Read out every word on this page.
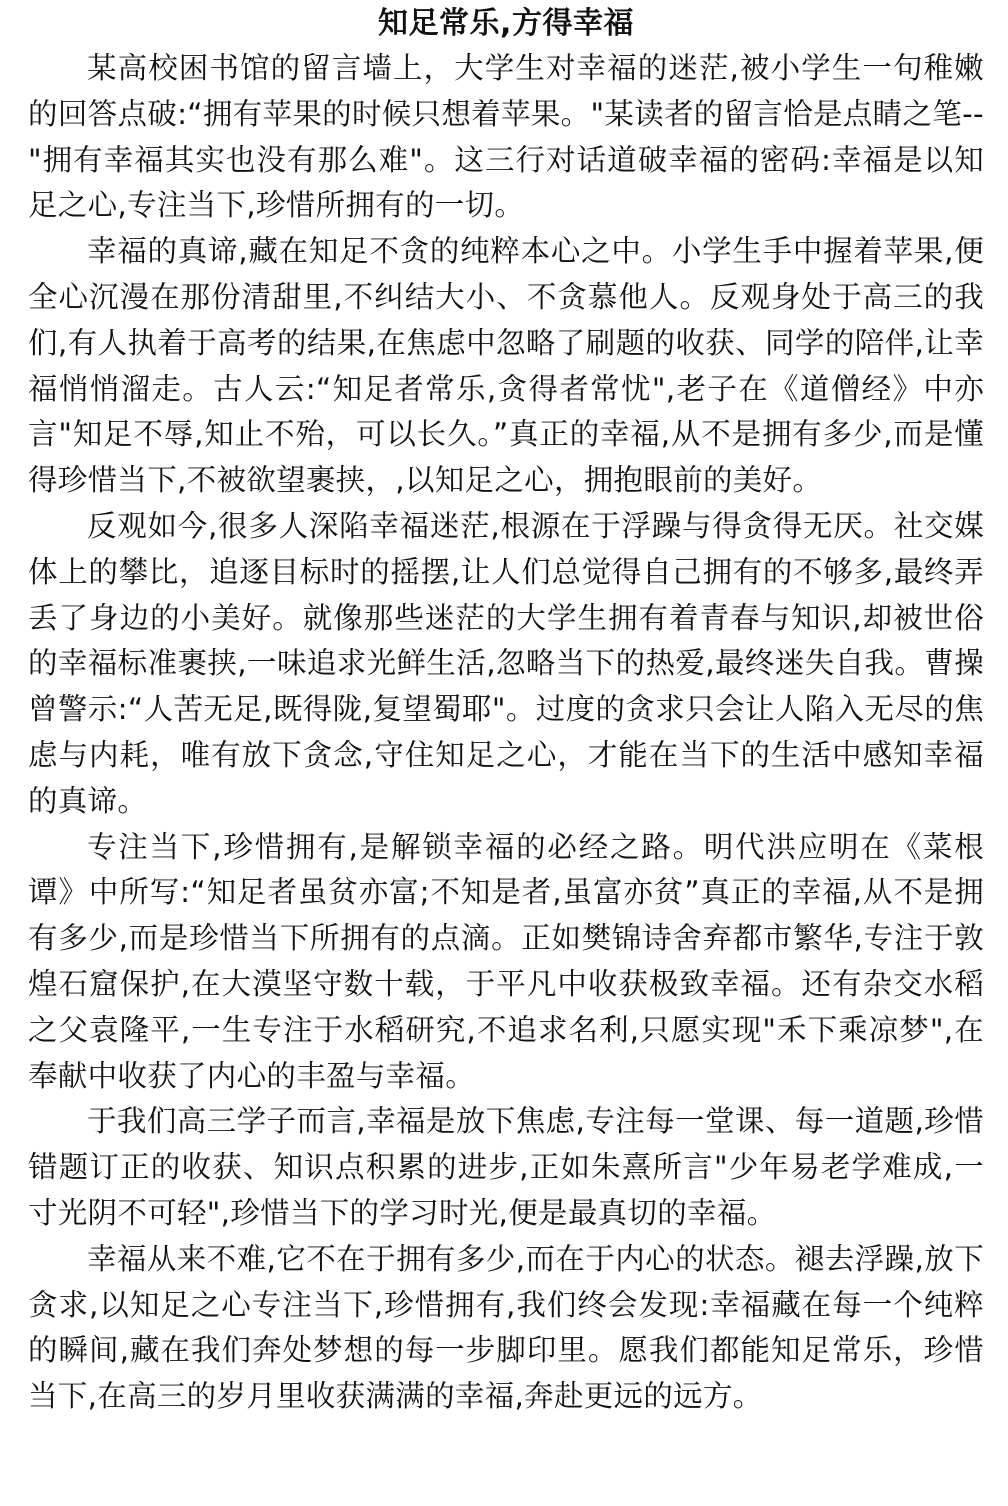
知足常乐,方得幸福

某高校困书馆的留言墙上，大学生对幸福的迷茫,被小学生一句稚嫩的回答点破:“拥有苹果的时候只想着苹果。"某读者的留言恰是点睛之笔--"拥有幸福其实也没有那么难"。这三行对话道破幸福的密码:幸福是以知足之心,专注当下,珍惜所拥有的一切。

幸福的真谛,藏在知足不贪的纯粹本心之中。小学生手中握着苹果,便全心沉漫在那份清甜里,不纠结大小、不贪慕他人。反观身处于高三的我们,有人执着于高考的结果,在焦虑中忽略了刷题的收获、同学的陪伴,让幸福悄悄溜走。古人云:“知足者常乐,贪得者常忧",老子在《道僧经》中亦言"知足不辱,知止不殆，可以长久。”真正的幸福,从不是拥有多少,而是懂得珍惜当下,不被欲望裹挟，,以知足之心，拥抱眼前的美好。

反观如今,很多人深陷幸福迷茫,根源在于浮躁与得贪得无厌。社交媒体上的攀比，追逐目标时的摇摆,让人们总觉得自己拥有的不够多,最终弄丢了身边的小美好。就像那些迷茫的大学生拥有着青春与知识,却被世俗的幸福标准裹挟,一味追求光鲜生活,忽略当下的热爱,最终迷失自我。曹操曾警示:“人苦无足,既得陇,复望蜀耶"。过度的贪求只会让人陷入无尽的焦虑与内耗，唯有放下贪念,守住知足之心，才能在当下的生活中感知幸福的真谛。

专注当下,珍惜拥有,是解锁幸福的必经之路。明代洪应明在《菜根谭》中所写:“知足者虽贫亦富;不知是者,虽富亦贫”真正的幸福,从不是拥有多少,而是珍惜当下所拥有的点滴。正如樊锦诗舍弃都市繁华,专注于敦煌石窟保护,在大漠坚守数十载，于平凡中收获极致幸福。还有杂交水稻之父袁隆平,一生专注于水稻研究,不追求名利,只愿实现"禾下乘凉梦",在奉献中收获了内心的丰盈与幸福。

于我们高三学子而言,幸福是放下焦虑,专注每一堂课、每一道题,珍惜错题订正的收获、知识点积累的进步,正如朱熹所言"少年易老学难成,一寸光阴不可轻",珍惜当下的学习时光,便是最真切的幸福。

幸福从来不难,它不在于拥有多少,而在于内心的状态。褪去浮躁,放下贪求,以知足之心专注当下,珍惜拥有,我们终会发现:幸福藏在每一个纯粹的瞬间,藏在我们奔处梦想的每一步脚印里。愿我们都能知足常乐，珍惜当下,在高三的岁月里收获满满的幸福,奔赴更远的远方。
